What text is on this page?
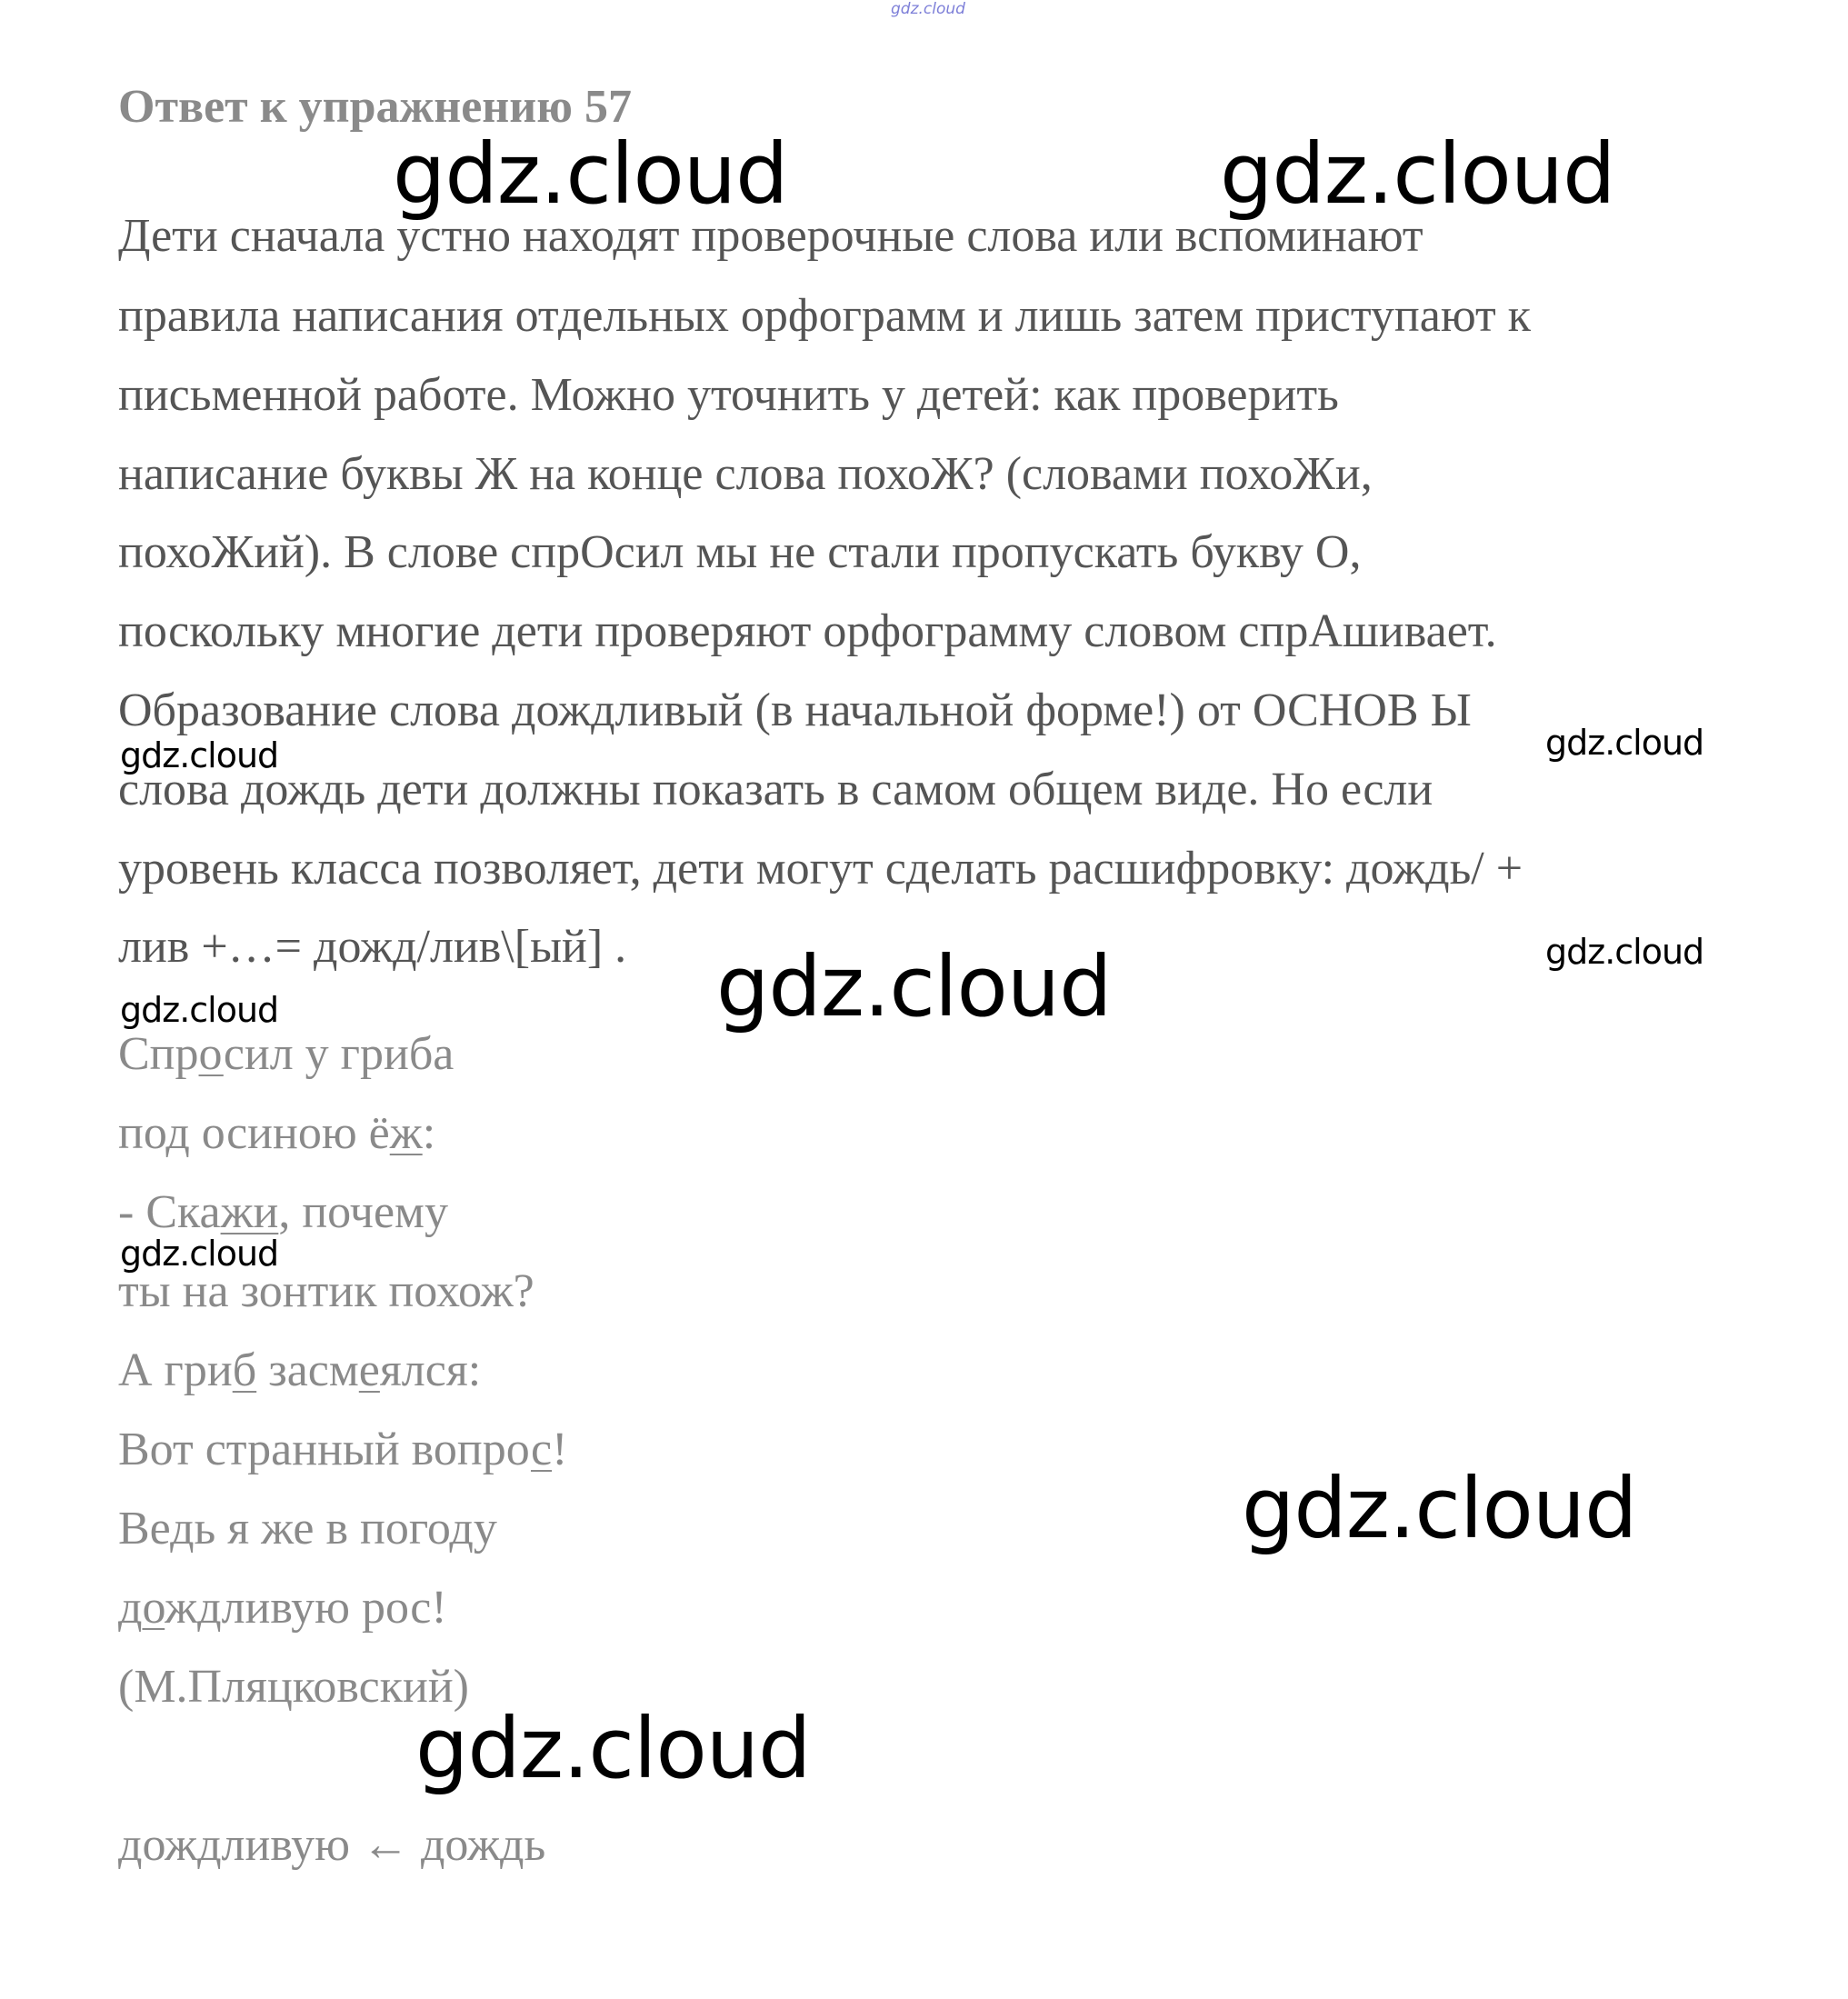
gdz.cloud
Ответ к упражнению 57
Дети сначала устно находят проверочные слова или вспоминают
правила написания отдельных орфограмм и лишь затем приступают к
письменной работе. Можно уточнить у детей: как проверить
написание буквы Ж на конце слова похоЖ? (словами похоЖи,
похоЖий). В слове спрОсил мы не стали пропускать букву О,
поскольку многие дети проверяют орфограмму словом спрАшивает.
Образование слова дождливый (в начальной форме!) от ОСНОВ Ы
слова дождь дети должны показать в самом общем виде. Но если
уровень класса позволяет, дети могут сделать расшифровку: дождь/ +
лив +…= дожд/лив\[ый] .
Спросил у гриба
под осиною ёж:
- Скажи, почему
ты на зонтик похож?
А гриб засмеялся:
Вот странный вопрос!
Ведь я же в погоду
дождливую рос!
(М.Пляцковский)
дождливую ← дождь
gdz.cloud	gdz.cloud
gdz.cloud
gdz.cloud
gdz.cloud
gdz.cloud	gdz.cloud
gdz.cloud
gdz.cloud
gdz.cloud
